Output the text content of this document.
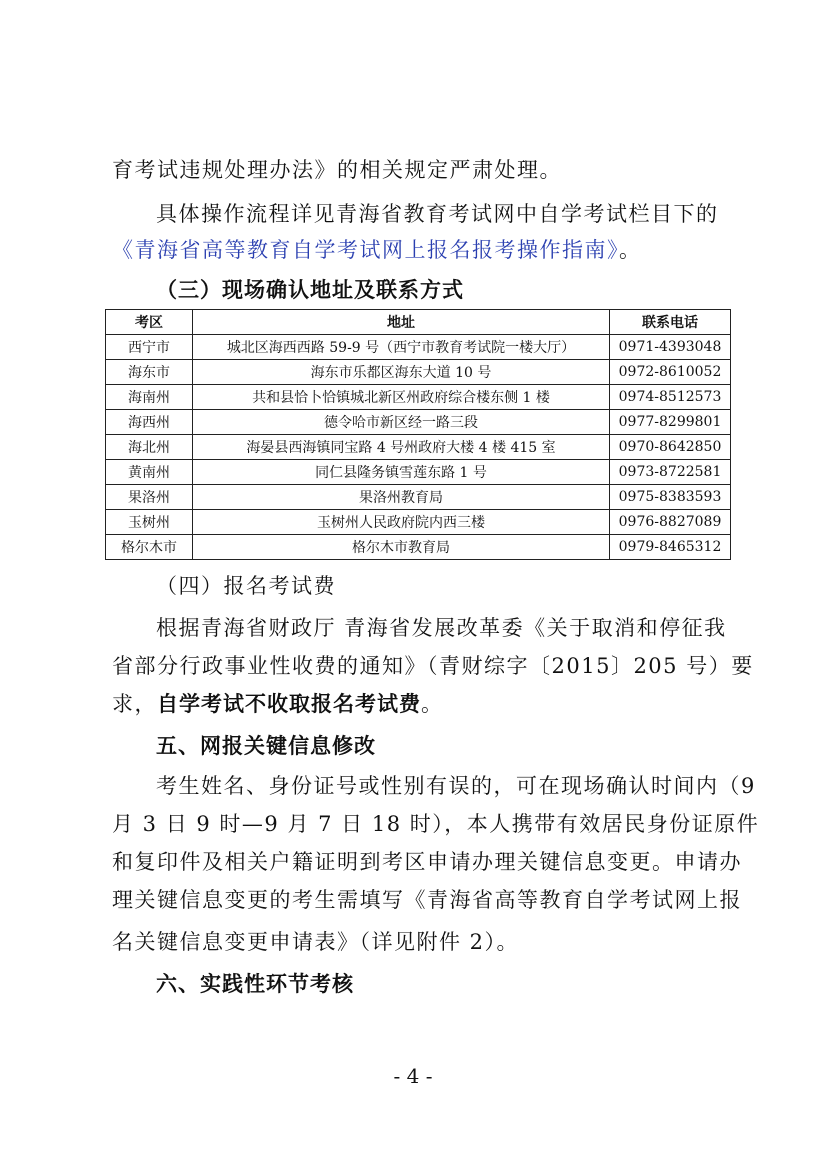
育考试违规处理办法》的相关规定严肃处理。
具体操作流程详见青海省教育考试网中自学考试栏目下的
《青海省高等教育自学考试网上报名报考操作指南》。
（三）现场确认地址及联系方式
考区	地址	联系电话
西宁市	城北区海西西路 59-9 号（西宁市教育考试院一楼大厅）	0971-4393048
海东市	海东市乐都区海东大道 10 号	0972-8610052
海南州	共和县恰卜恰镇城北新区州政府综合楼东侧 1 楼	0974-8512573
海西州	德令哈市新区经一路三段	0977-8299801
海北州	海晏县西海镇同宝路 4 号州政府大楼 4 楼 415 室	0970-8642850
黄南州	同仁县隆务镇雪莲东路 1 号	0973-8722581
果洛州	果洛州教育局	0975-8383593
玉树州	玉树州人民政府院内西三楼	0976-8827089
格尔木市	格尔木市教育局	0979-8465312
（四）报名考试费
根据青海省财政厅 青海省发展改革委《关于取消和停征我
省部分行政事业性收费的通知》（青财综字〔2015〕205 号）要
求，自学考试不收取报名考试费。
五、网报关键信息修改
考生姓名、身份证号或性别有误的，可在现场确认时间内（9
月 3 日 9 时—9 月 7 日 18 时），本人携带有效居民身份证原件
和复印件及相关户籍证明到考区申请办理关键信息变更。申请办
理关键信息变更的考生需填写《青海省高等教育自学考试网上报
名关键信息变更申请表》（详见附件 2）。
六、实践性环节考核
- 4 -
